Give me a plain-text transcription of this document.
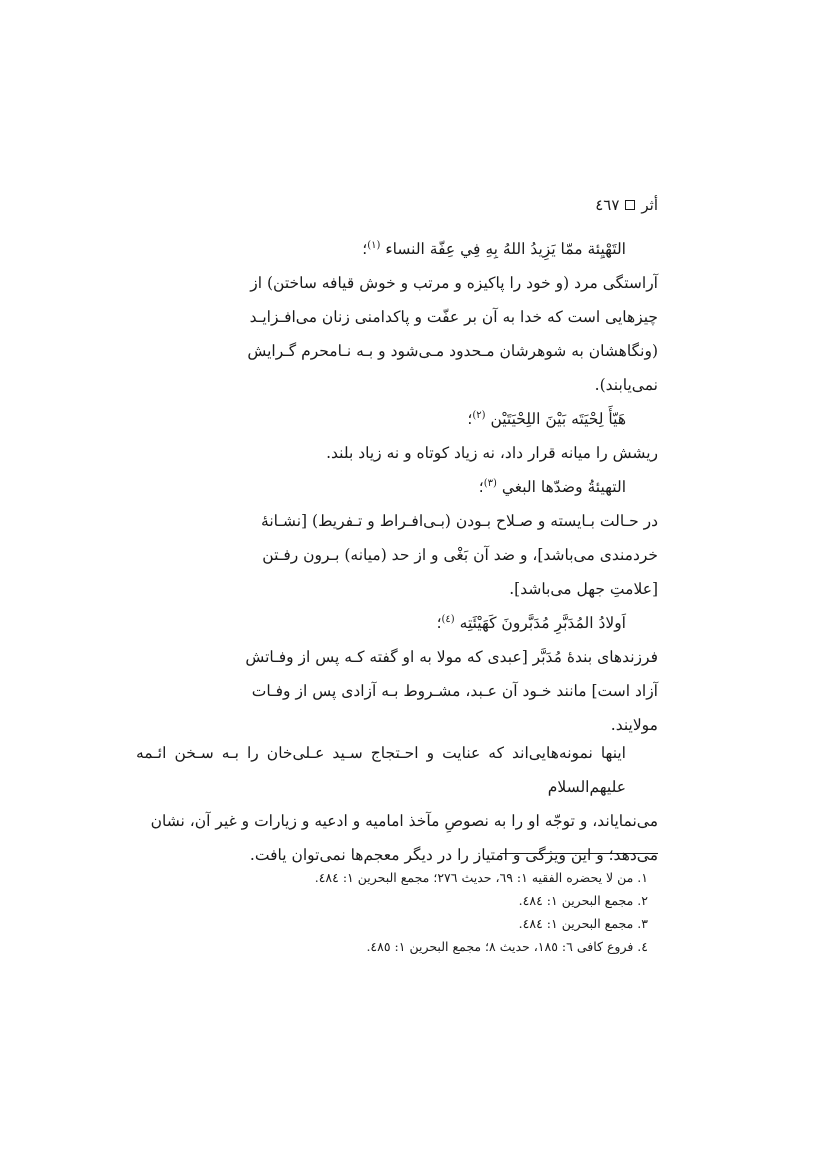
أثر
٤٦٧

التَهْيِئة ممّا يَزِيدُ اللهُ بِهِ فِي عِفّة النساء $^{(١)}$؛

آراستگی مرد (و خود را پاکیزه و مرتب و خوش قیافه ساختن) از

چیزهایی است که خدا به آن بر عفّت و پاکدامنی زنان می‌افـزایـد

(ونگاهشان به شوهرشان مـحدود مـی‌شود و بـه نـامحرم گـرایش

نمی‌یابند).

هَيّأَ لِحْيَتَه بَيْنَ اللِحْيَتَيْن $^{(٢)}$؛

ریشش را میانه قرار داد، نه زیاد کوتاه و نه زیاد بلند.

التهيئةُ وضدّها البغي $^{(٣)}$؛

در حـالت بـایسته و صـلاح بـودن (بـی‌افـراط و تـفریط) [نشـانهٔ

خردمندی می‌باشد]، و ضد آن بَغْی و از حد (میانه) بـرون رفـتن

[علامتِ جهل می‌باشد].

اَولادُ المُدَبَّرِ مُدَبَّرونَ كَهَيْئَتِه $^{(٤)}$؛

فرزندهای بندهٔ مُدَبَّر [عبدی که مولا به او گفته کـه پس از وفـاتش

آزاد است] مانند خـود آن عـبد، مشـروط بـه آزادی پس از وفـات

مولایند.

اینها نمونه‌هایی‌اند که عنایت و احـتجاج سـید عـلی‌خان را بـه سـخن ائـمه علیهم‌السلام

می‌نمایاند، و توجّه او را به نصوصِ مآخذ امامیه و ادعیه و زیارات و غیر آن، نشان

می‌دهد؛ و این ویژگی و امتیاز را در دیگر معجم‌ها نمی‌توان یافت.

١. من لا يحضره الفقيه ١: ٦٩، حديث ٢٧٦؛ مجمع البحرين ١: ٤٨٤.
٢. مجمع البحرين ١: ٤٨٤.
٣. مجمع البحرين ١: ٤٨٤.
٤. فروع كافى ٦: ١٨٥، حديث ٨؛ مجمع البحرين ١: ٤٨٥.
